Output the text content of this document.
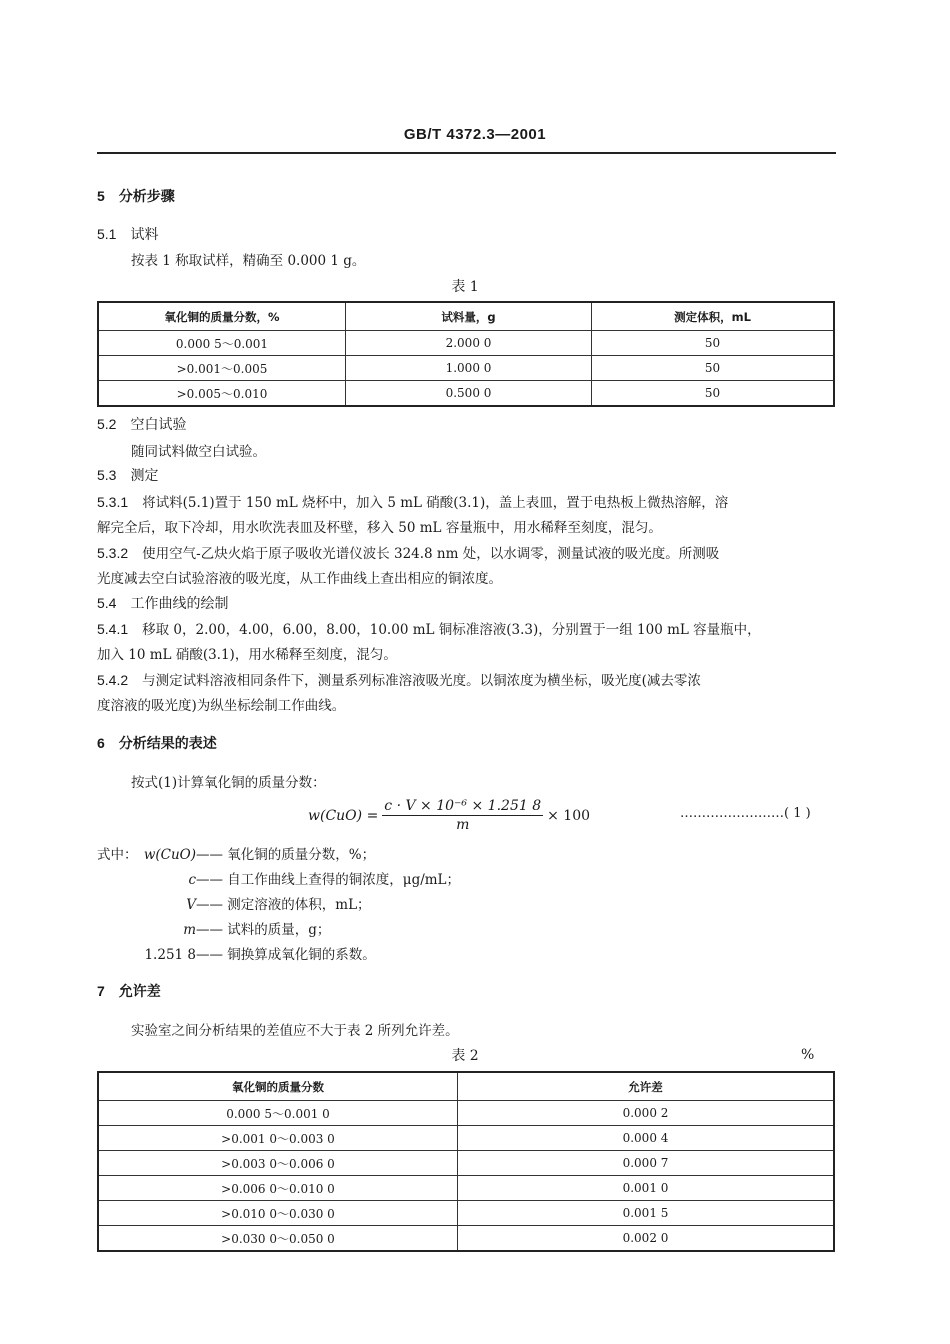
GB/T 4372.3—2001
5 分析步骤
5.1 试料
按表 1 称取试样，精确至 0.000 1 g。
表 1
氧化铜的质量分数，%	试料量，g	测定体积，mL
0.000 5～0.001	2.000 0	50
>0.001～0.005	1.000 0	50
>0.005～0.010	0.500 0	50
5.2 空白试验
随同试料做空白试验。
5.3 测定
5.3.1 将试料(5.1)置于 150 mL 烧杯中，加入 5 mL 硝酸(3.1)，盖上表皿，置于电热板上微热溶解，溶
解完全后，取下冷却，用水吹洗表皿及杯壁，移入 50 mL 容量瓶中，用水稀释至刻度，混匀。
5.3.2 使用空气-乙炔火焰于原子吸收光谱仪波长 324.8 nm 处，以水调零，测量试液的吸光度。所测吸
光度减去空白试验溶液的吸光度，从工作曲线上查出相应的铜浓度。
5.4 工作曲线的绘制
5.4.1 移取 0，2.00，4.00，6.00，8.00，10.00 mL 铜标准溶液(3.3)，分别置于一组 100 mL 容量瓶中，
加入 10 mL 硝酸(3.1)，用水稀释至刻度，混匀。
5.4.2 与测定试料溶液相同条件下，测量系列标准溶液吸光度。以铜浓度为横坐标，吸光度(减去零浓
度溶液的吸光度)为纵坐标绘制工作曲线。
6 分析结果的表述
按式(1)计算氧化铜的质量分数：
$w(CuO) = \frac{\text{c · V × 10⁻⁶ × 1.251 8}}{m} \times 100$	……………………( 1 )
式中： w(CuO)—— 氧化铜的质量分数，%；
c—— 自工作曲线上查得的铜浓度，μg/mL；
V—— 测定溶液的体积，mL；
m—— 试料的质量，g；
1.251 8—— 铜换算成氧化铜的系数。
7 允许差
实验室之间分析结果的差值应不大于表 2 所列允许差。
表 2	%
氧化铜的质量分数	允许差
0.000 5～0.001 0	0.000 2
>0.001 0～0.003 0	0.000 4
>0.003 0～0.006 0	0.000 7
>0.006 0～0.010 0	0.001 0
>0.010 0～0.030 0	0.001 5
>0.030 0～0.050 0	0.002 0
